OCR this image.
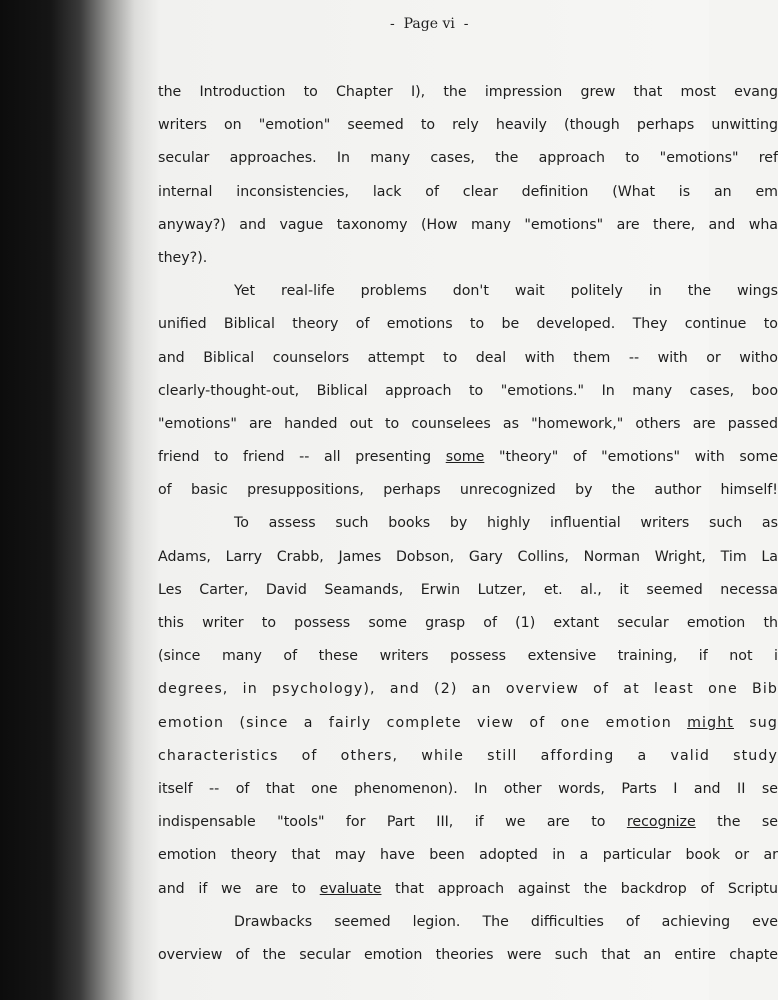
-  Page vi  -
the Introduction to Chapter I), the impression grew that most evang
writers on "emotion" seemed to rely heavily (though perhaps unwitting
secular approaches. In many cases, the approach to "emotions" ref
internal inconsistencies, lack of clear definition (What is an em
anyway?) and vague taxonomy (How many "emotions" are there, and wha
they?).
Yet real-life problems don't wait politely in the wings
unified Biblical theory of emotions to be developed. They continue to
and Biblical counselors attempt to deal with them -- with or witho
clearly-thought-out, Biblical approach to "emotions." In many cases, boo
"emotions" are handed out to counselees as "homework," others are passed
friend to friend -- all presenting some "theory" of "emotions" with some
of basic presuppositions, perhaps unrecognized by the author himself!
To assess such books by highly influential writers such as
Adams, Larry Crabb, James Dobson, Gary Collins, Norman Wright, Tim La
Les Carter, David Seamands, Erwin Lutzer, et. al., it seemed necessa
this writer to possess some grasp of (1) extant secular emotion th
(since many of these writers possess extensive training, if not i
degrees, in psychology), and (2) an overview of at least one Bib
emotion (since a fairly complete view of one emotion might sug
characteristics of others, while still affording a valid study
itself -- of that one phenomenon). In other words, Parts I and II se
indispensable "tools" for Part III, if we are to recognize the se
emotion theory that may have been adopted in a particular book or ar
and if we are to evaluate that approach against the backdrop of Scriptu
Drawbacks seemed legion. The difficulties of achieving eve
overview of the secular emotion theories were such that an entire chapte
